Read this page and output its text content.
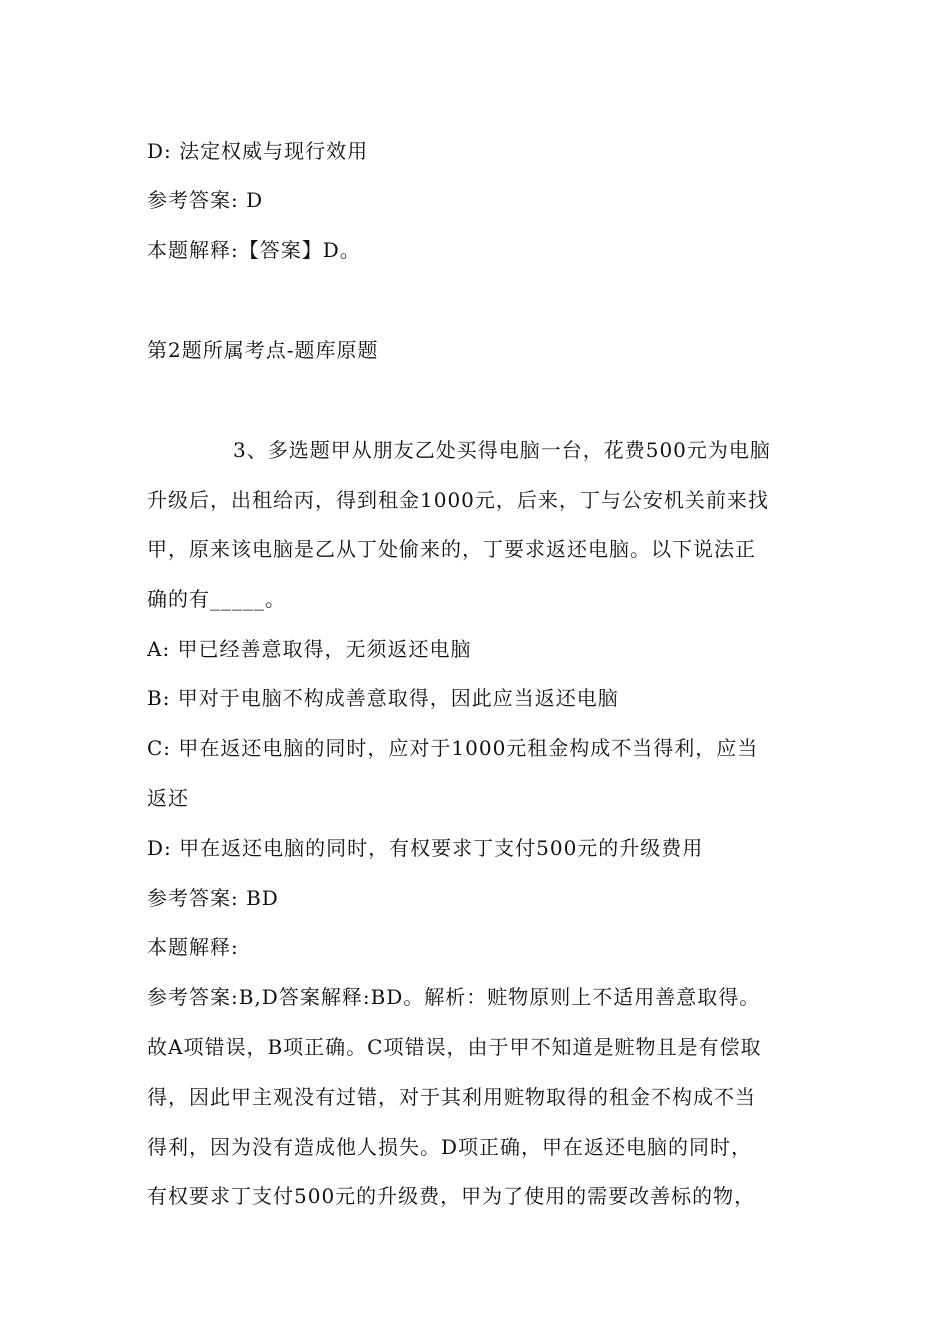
D: 法定权威与现行效用
参考答案: D
本题解释:【答案】D。
第2题所属考点-题库原题
3、多选题甲从朋友乙处买得电脑一台，花费500元为电脑
升级后，出租给丙，得到租金1000元，后来，丁与公安机关前来找
甲，原来该电脑是乙从丁处偷来的，丁要求返还电脑。以下说法正
确的有_____。
A: 甲已经善意取得，无须返还电脑
B: 甲对于电脑不构成善意取得，因此应当返还电脑
C: 甲在返还电脑的同时，应对于1000元租金构成不当得利，应当
返还
D: 甲在返还电脑的同时，有权要求丁支付500元的升级费用
参考答案: BD
本题解释:
参考答案:B,D答案解释:BD。解析：赃物原则上不适用善意取得。
故A项错误，B项正确。C项错误，由于甲不知道是赃物且是有偿取
得，因此甲主观没有过错，对于其利用赃物取得的租金不构成不当
得利，因为没有造成他人损失。D项正确，甲在返还电脑的同时，
有权要求丁支付500元的升级费，甲为了使用的需要改善标的物，
